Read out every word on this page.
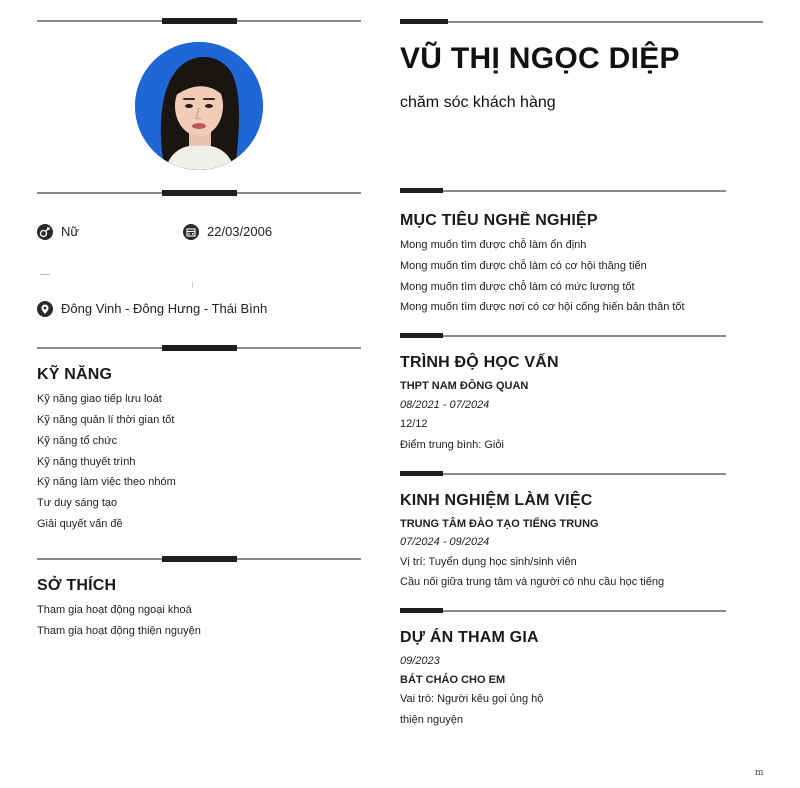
Nữ	22/03/2006
Đông Vinh - Đông Hưng - Thái Bình
KỸ NĂNG
Kỹ năng giao tiếp lưu loát
Kỹ năng quản lí thời gian tốt
Kỹ năng tổ chức
Kỹ năng thuyết trình
Kỹ năng làm việc theo nhóm
Tư duy sáng tạo
Giải quyết vấn đề
SỞ THÍCH
Tham gia hoạt động ngoại khoá
Tham gia hoạt động thiện nguyện
VŨ THỊ NGỌC DIỆP
chăm sóc khách hàng
MỤC TIÊU NGHỀ NGHIỆP
Mong muốn tìm được chỗ làm ổn định
Mong muốn tìm được chỗ làm có cơ hội thăng tiến
Mong muốn tìm được chỗ làm có mức lương tốt
Mong muốn tìm được nơi có cơ hội cống hiến bản thân tốt
TRÌNH ĐỘ HỌC VẤN
THPT NAM ĐÔNG QUAN
08/2021 - 07/2024
12/12
Điểm trung bình: Giỏi
KINH NGHIỆM LÀM VIỆC
TRUNG TÂM ĐÀO TẠO TIẾNG TRUNG
07/2024 - 09/2024
Vị trí: Tuyển dụng học sinh/sinh viên
Cầu nối giữa trung tâm và người có nhu cầu học tiếng
DỰ ÁN THAM GIA
09/2023
BÁT CHÁO CHO EM
Vai trò: Người kêu gọi ủng hộ
thiện nguyện
m
